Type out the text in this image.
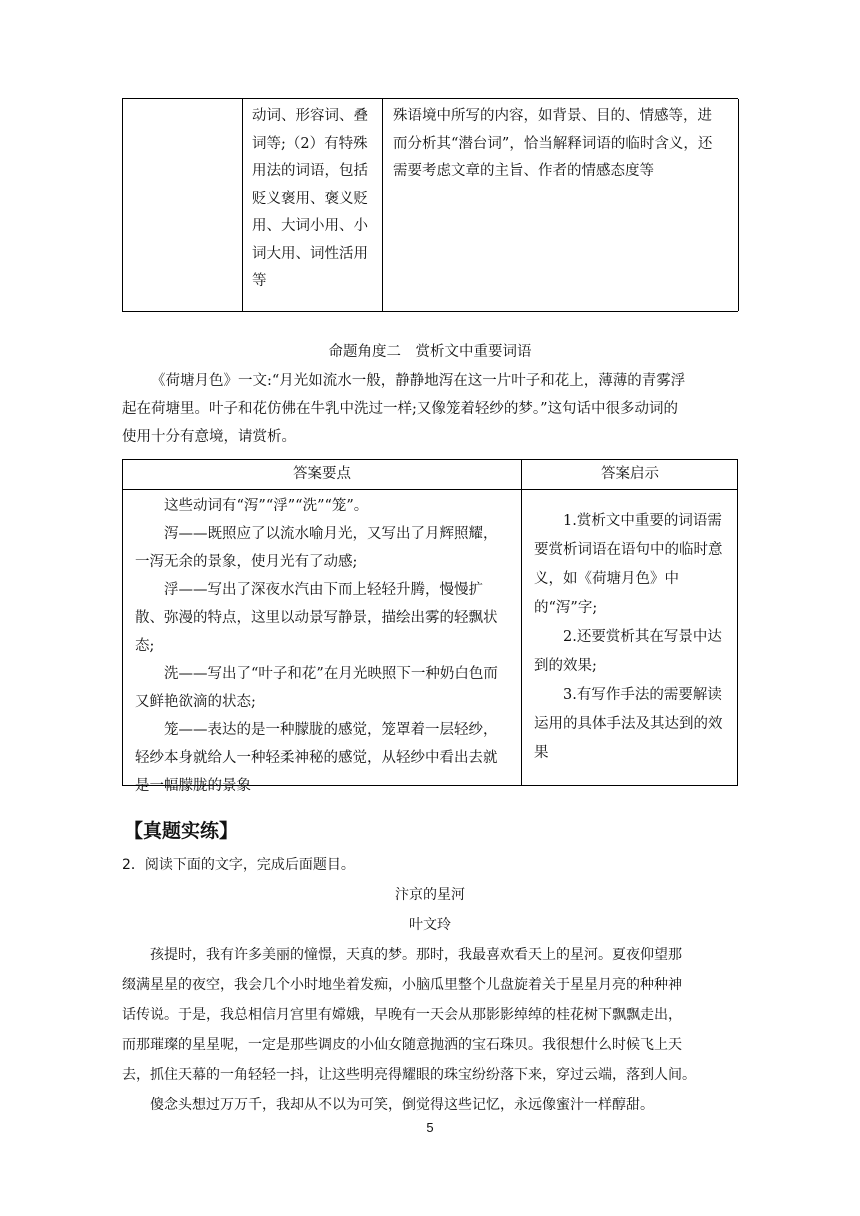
动词、形容词、叠
词等;（2）有特殊
用法的词语，包括
贬义褒用、褒义贬
用、大词小用、小
词大用、词性活用
等
殊语境中所写的内容，如背景、目的、情感等，进
而分析其“潜台词”，恰当解释词语的临时含义，还
需要考虑文章的主旨、作者的情感态度等
命题角度二　赏析文中重要词语
《荷塘月色》一文:“月光如流水一般，静静地泻在这一片叶子和花上，薄薄的青雾浮
起在荷塘里。叶子和花仿佛在牛乳中洗过一样;又像笼着轻纱的梦。”这句话中很多动词的
使用十分有意境，请赏析。
答案要点	答案启示

这些动词有“泻”“浮”“洗”“笼”。

泻——既照应了以流水喻月光，又写出了月辉照耀，一泻无余的景象，使月光有了动感;

浮——写出了深夜水汽由下而上轻轻升腾，慢慢扩散、弥漫的特点，这里以动景写静景，描绘出雾的轻飘状态;

洗——写出了“叶子和花”在月光映照下一种奶白色而又鲜艳欲滴的状态;

笼——表达的是一种朦胧的感觉，笼罩着一层轻纱，轻纱本身就给人一种轻柔神秘的感觉，从轻纱中看出去就是一幅朦胧的景象

1.赏析文中重要的词语需要赏析词语在语句中的临时意义，如《荷塘月色》中的“泻”字;

2.还要赏析其在写景中达到的效果;

3.有写作手法的需要解读运用的具体手法及其达到的效果

【真题实练】
2．阅读下面的文字，完成后面题目。
汴京的星河
叶文玲
孩提时，我有许多美丽的憧憬，天真的梦。那时，我最喜欢看天上的星河。夏夜仰望那
缀满星星的夜空，我会几个小时地坐着发痴，小脑瓜里整个儿盘旋着关于星星月亮的种种神
话传说。于是，我总相信月宫里有嫦娥，早晚有一天会从那影影绰绰的桂花树下飘飘走出，
而那璀璨的星星呢，一定是那些调皮的小仙女随意抛洒的宝石珠贝。我很想什么时候飞上天
去，抓住天幕的一角轻轻一抖，让这些明亮得耀眼的珠宝纷纷落下来，穿过云端，落到人间。
傻念头想过万万千，我却从不以为可笑，倒觉得这些记忆，永远像蜜汁一样醇甜。
5
